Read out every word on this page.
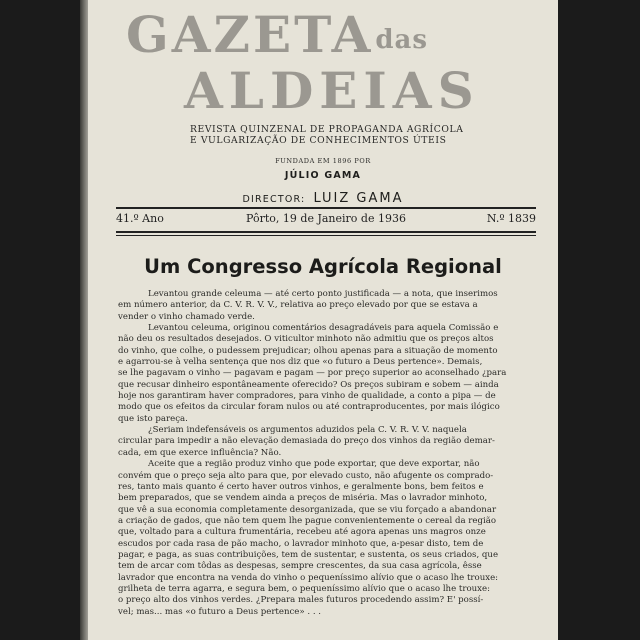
GAZETAdas
ALDEIAS
REVISTA QUINZENAL DE PROPAGANDA AGRÍCOLA
E VULGARIZAÇÃO DE CONHECIMENTOS ÚTEIS
FUNDADA EM 1896 POR
JÚLIO GAMA
DIRECTOR: LUIZ GAMA
Pôrto, 19 de Janeiro de 1936
41.º Ano	N.º 1839
Um Congresso Agrícola Regional
Levantou grande celeuma — até certo ponto justificada — a nota, que inserimos
em número anterior, da C. V. R. V. V., relativa ao preço elevado por que se estava a
vender o vinho chamado verde.
Levantou celeuma, originou comentários desagradáveis para aquela Comissão e
não deu os resultados desejados. O viticultor minhoto não admitiu que os preços altos
do vinho, que colhe, o pudessem prejudicar; olhou apenas para a situação de momento
e agarrou-se à velha sentença que nos diz que «o futuro a Deus pertence». Demais,
se lhe pagavam o vinho — pagavam e pagam — por preço superior ao aconselhado ¿para
que recusar dinheiro espontâneamente oferecido? Os preços subiram e sobem — ainda
hoje nos garantiram haver compradores, para vinho de qualidade, a conto a pipa — de
modo que os efeitos da circular foram nulos ou até contraproducentes, por mais ilógico
que isto pareça.
¿Seriam indefensáveis os argumentos aduzidos pela C. V. R. V. V. naquela
circular para impedir a não elevação demasiada do preço dos vinhos da região demar-
cada, em que exerce influência? Não.
Aceite que a região produz vinho que pode exportar, que deve exportar, não
convém que o preço seja alto para que, por elevado custo, não afugente os comprado-
res, tanto mais quanto é certo haver outros vinhos, e geralmente bons, bem feitos e
bem preparados, que se vendem ainda a preços de miséria. Mas o lavrador minhoto,
que vê a sua economia completamente desorganizada, que se viu forçado a abandonar
a criação de gados, que não tem quem lhe pague convenientemente o cereal da região
que, voltado para a cultura frumentária, recebeu até agora apenas uns magros onze
escudos por cada rasa de pão macho, o lavrador minhoto que, a-pesar disto, tem de
pagar, e paga, as suas contribuições, tem de sustentar, e sustenta, os seus criados, que
tem de arcar com tôdas as despesas, sempre crescentes, da sua casa agrícola, êsse
lavrador que encontra na venda do vinho o pequeníssimo alívio que o acaso lhe trouxe:
grilheta de terra agarra, e segura bem, o pequeníssimo alívio que o acaso lhe trouxe:
o preço alto dos vinhos verdes. ¿Prepara males futuros procedendo assim? E' possí-
vel; mas... mas «o futuro a Deus pertence» . . .
